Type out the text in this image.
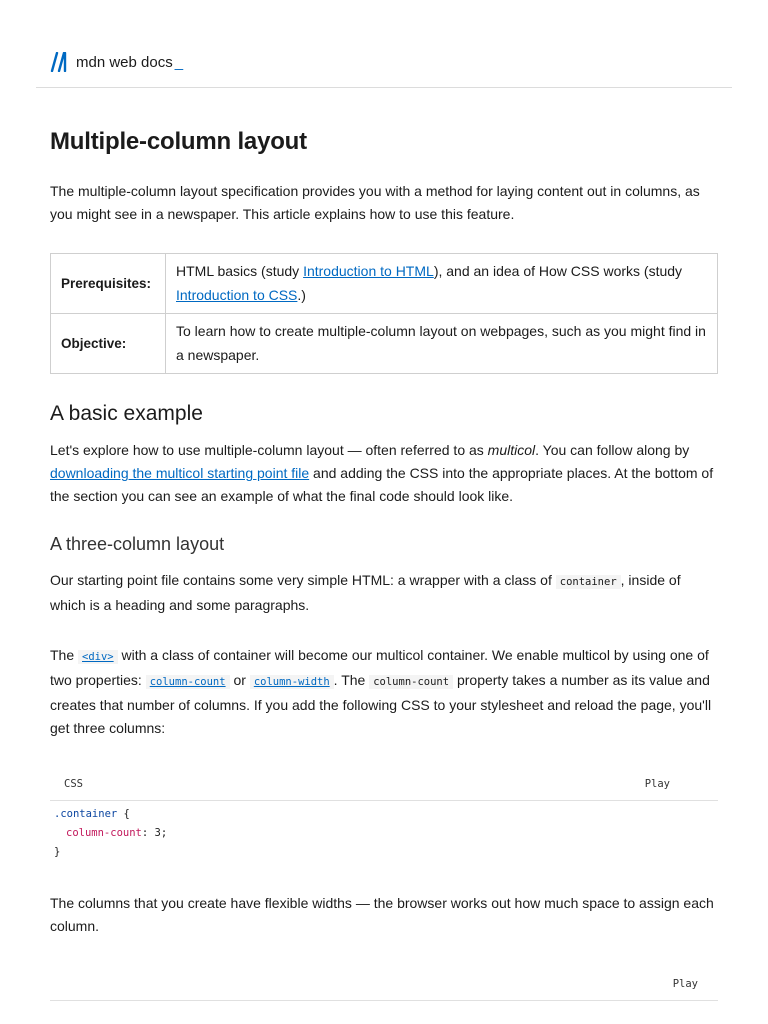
mdn web docs _
Multiple-column layout

The multiple-column layout specification provides you with a method for laying content out in columns, as you might see in a newspaper. This article explains how to use this feature.

Prerequisites:	HTML basics (study Introduction to HTML), and an idea of How CSS works (study Introduction to CSS.)
Objective:	To learn how to create multiple-column layout on webpages, such as you might find in a newspaper.
A basic example

Let's explore how to use multiple-column layout — often referred to as multicol. You can follow along by downloading the multicol starting point file and adding the CSS into the appropriate places. At the bottom of the section you can see an example of what the final code should look like.

A three-column layout

Our starting point file contains some very simple HTML: a wrapper with a class of container , inside of which is a heading and some paragraphs.

The <div> with a class of container will become our multicol container. We enable multicol by using one of two properties: column-count or column-width . The column-count property takes a number as its value and creates that number of columns. If you add the following CSS to your stylesheet and reload the page, you'll get three columns:

CSS	Play
.container {
column-count: 3;
}

The columns that you create have flexible widths — the browser works out how much space to assign each column.

Play
